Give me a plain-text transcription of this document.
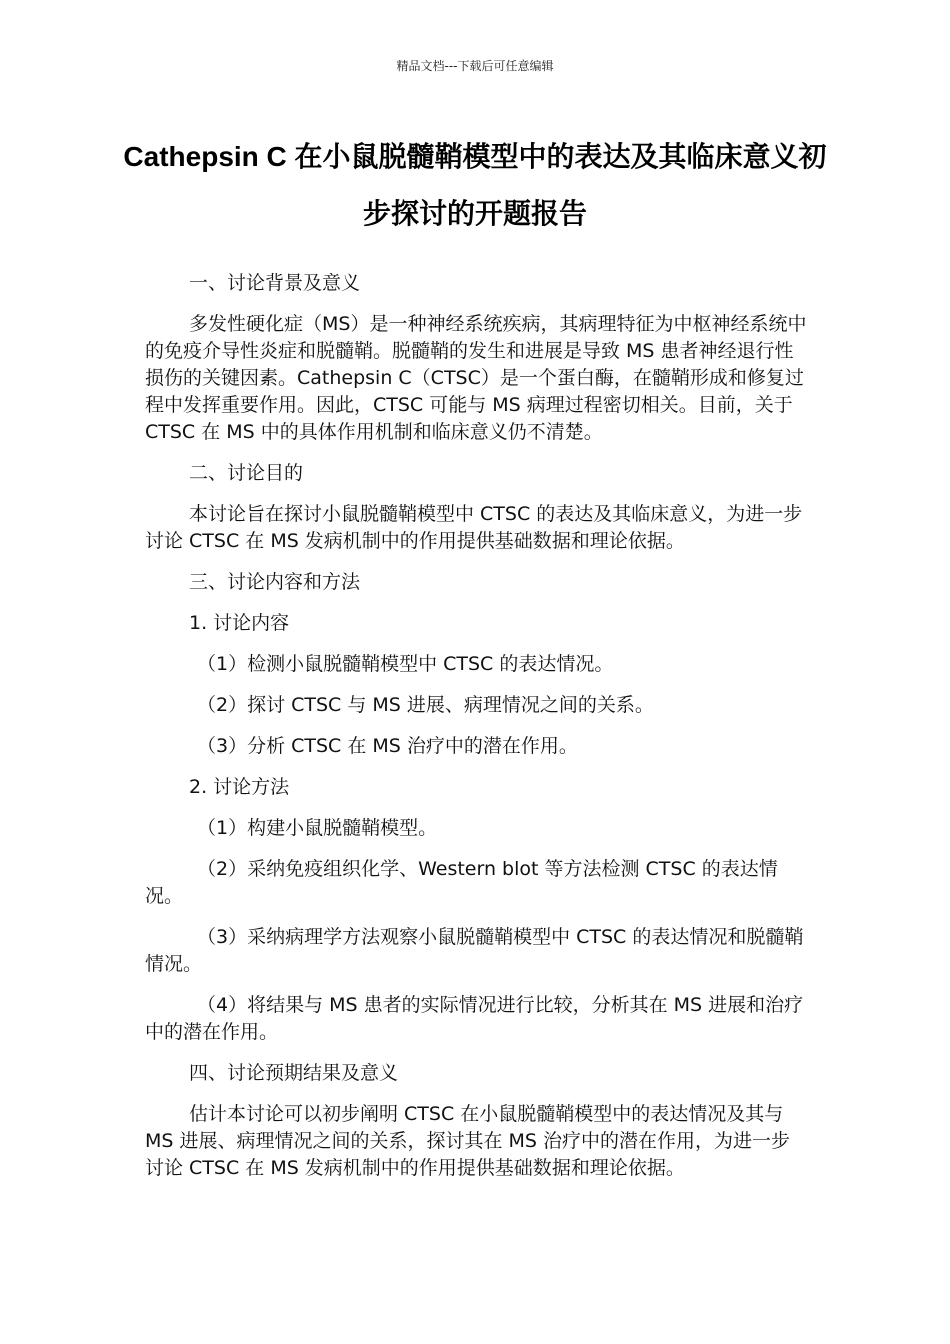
精品文档---下载后可任意编辑
Cathepsin C 在小鼠脱髓鞘模型中的表达及其临床意义初步探讨的开题报告

一、讨论背景及意义

多发性硬化症（MS）是一种神经系统疾病，其病理特征为中枢神经系统中的免疫介导性炎症和脱髓鞘。脱髓鞘的发生和进展是导致 MS 患者神经退行性损伤的关键因素。Cathepsin C（CTSC）是一个蛋白酶，在髓鞘形成和修复过程中发挥重要作用。因此，CTSC 可能与 MS 病理过程密切相关。目前，关于 CTSC 在 MS 中的具体作用机制和临床意义仍不清楚。

二、讨论目的

本讨论旨在探讨小鼠脱髓鞘模型中 CTSC 的表达及其临床意义，为进一步讨论 CTSC 在 MS 发病机制中的作用提供基础数据和理论依据。

三、讨论内容和方法

1. 讨论内容

（1）检测小鼠脱髓鞘模型中 CTSC 的表达情况。

（2）探讨 CTSC 与 MS 进展、病理情况之间的关系。

（3）分析 CTSC 在 MS 治疗中的潜在作用。

2. 讨论方法

（1）构建小鼠脱髓鞘模型。

（2）采纳免疫组织化学、Western blot 等方法检测 CTSC 的表达情况。

（3）采纳病理学方法观察小鼠脱髓鞘模型中 CTSC 的表达情况和脱髓鞘情况。

（4）将结果与 MS 患者的实际情况进行比较，分析其在 MS 进展和治疗中的潜在作用。

四、讨论预期结果及意义

估计本讨论可以初步阐明 CTSC 在小鼠脱髓鞘模型中的表达情况及其与 MS 进展、病理情况之间的关系，探讨其在 MS 治疗中的潜在作用，为进一步讨论 CTSC 在 MS 发病机制中的作用提供基础数据和理论依据。
